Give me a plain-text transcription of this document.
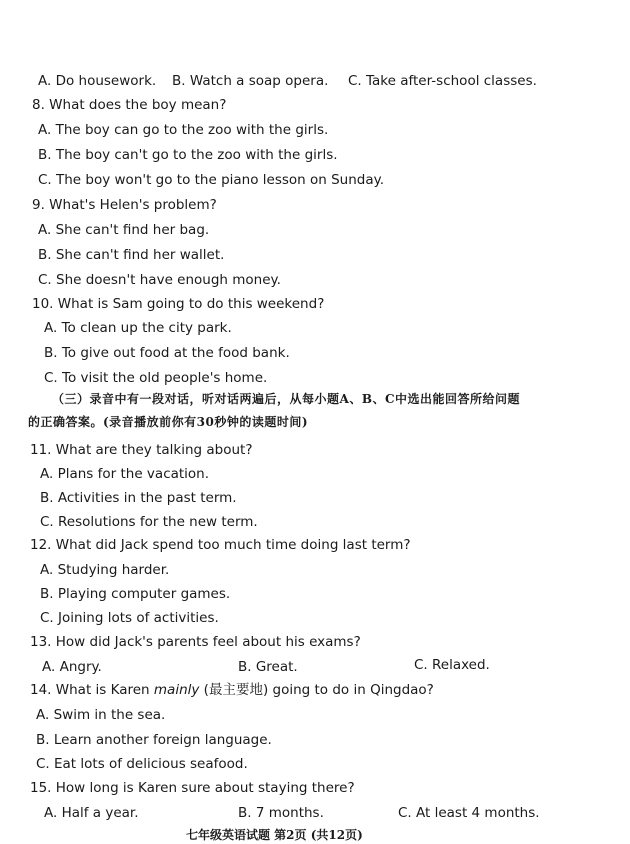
A. Do housework. B. Watch a soap opera. C. Take after-school classes.
8. What does the boy mean?
A. The boy can go to the zoo with the girls.
B. The boy can't go to the zoo with the girls.
C. The boy won't go to the piano lesson on Sunday.
9. What's Helen's problem?
A. She can't find her bag.
B. She can't find her wallet.
C. She doesn't have enough money.
10. What is Sam going to do this weekend?
A. To clean up the city park.
B. To give out food at the food bank.
C. To visit the old people's home.
（三）录音中有一段对话，听对话两遍后，从每小题A、B、C中选出能回答所给问题
的正确答案。(录音播放前你有30秒钟的读题时间)
11. What are they talking about?
A. Plans for the vacation.
B. Activities in the past term.
C. Resolutions for the new term.
12. What did Jack spend too much time doing last term?
A. Studying harder.
B. Playing computer games.
C. Joining lots of activities.
13. How did Jack's parents feel about his exams?
A. Angry.	B. Great.	C. Relaxed.
14. What is Karen mainly (最主要地) going to do in Qingdao?
A. Swim in the sea.
B. Learn another foreign language.
C. Eat lots of delicious seafood.
15. How long is Karen sure about staying there?
A. Half a year.	B. 7 months.	C. At least 4 months.
七年级英语试题 第2页 (共12页)
